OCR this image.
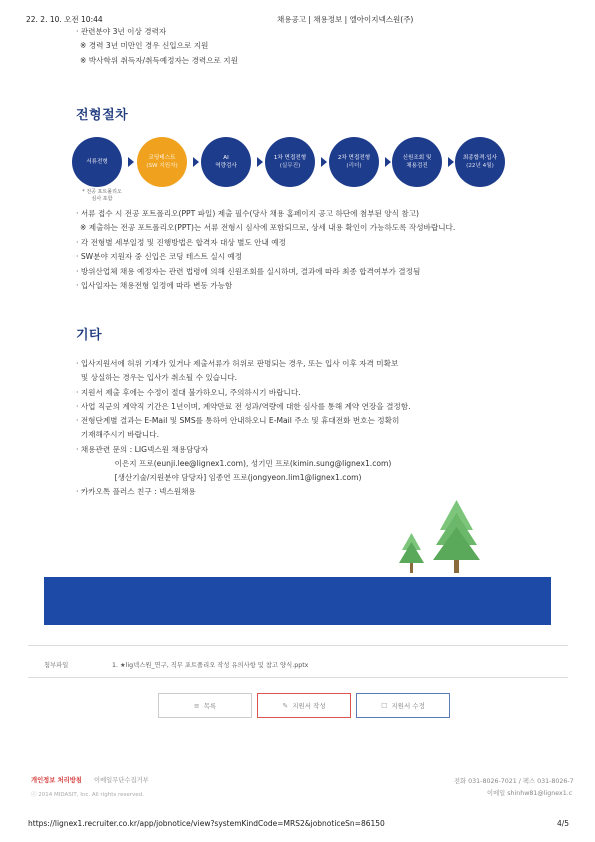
22. 2. 10. 오전 10:44	채용공고 | 채용정보 | 엘아이지넥스원(주)
· 관련분야 3년 이상 경력자
※ 경력 3년 미만인 경우 신입으로 지원
※ 박사학위 취득자/취득예정자는 경력으로 지원
전형절차
서류전형
코딩테스트
(SW 지원자)
AI
역량검사
1차 면접전형
(실무진)
2차 면접전형
(리더)
신원조회 및
채용검진
최종합격·입사
(22년 4월)
* 전공 포트폴리오
심사 포함
· 서류 접수 시 전공 포트폴리오(PPT 파일) 제출 필수(당사 채용 홈페이지 공고 하단에 첨부된 양식 참고)
※ 제출하는 전공 포트폴리오(PPT)는 서류 전형시 심사에 포함되므로, 상세 내용 확인이 가능하도록 작성바랍니다.
· 각 전형별 세부일정 및 진행방법은 합격자 대상 별도 안내 예정
· SW분야 지원자 중 신입은 코딩 테스트 실시 예정
· 방위산업체 채용 예정자는 관련 법령에 의해 신원조회를 실시하며, 결과에 따라 최종 합격여부가 결정됨
· 입사일자는 채용전형 일정에 따라 변동 가능함
기타
· 입사지원서에 허위 기재가 있거나 제출서류가 허위로 판명되는 경우, 또는 입사 이후 자격 미확보
및 상실하는 경우는 입사가 취소될 수 있습니다.
· 지원서 제출 후에는 수정이 절대 불가하오니, 주의하시기 바랍니다.
· 사업 직군의 계약직 기간은 1년이며, 계약만료 전 성과/역량에 대한 심사를 통해 계약 연장을 결정함.
· 전형단계별 결과는 E-Mail 및 SMS를 통하여 안내하오니 E-Mail 주소 및 휴대전화 번호는 정확히
기재해주시기 바랍니다.
· 채용관련 문의 : LIG넥스원 채용담당자
이은지 프로(eunji.lee@lignex1.com), 성기민 프로(kimin.sung@lignex1.com)
[생산기술/지원분야 담당자] 임종연 프로(jongyeon.lim1@lignex1.com)
· 카카오톡 플러스 친구 : 넥스원채용
첨부파일	1. ★lig넥스원_연구, 직무 포트폴리오 작성 유의사항 및 참고 양식.pptx
≡ 목록	✎ 지원서 작성	☐ 지원서 수정
개인정보 처리방침 이메일무단수집거부
ⓒ 2014 MIDASIT, Inc. All rights reserved.
전화 031-8026-7021 / 팩스 031-8026-7
이메일 shinhw81@lignex1.c
https://lignex1.recruiter.co.kr/app/jobnotice/view?systemKindCode=MRS2&jobnoticeSn=86150	4/5
